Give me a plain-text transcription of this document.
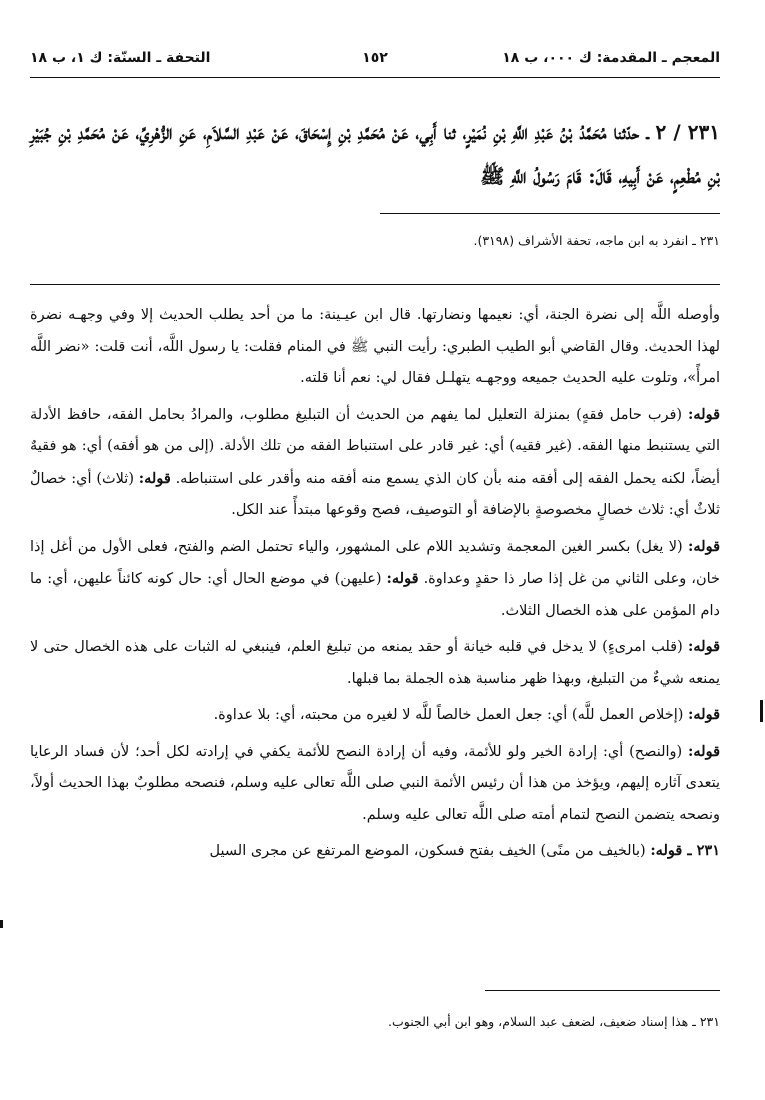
المعجم ـ المقدمة: ك ٠٠٠، ب ١٨
١٥٢
التحفة ـ السنّة: ك ١، ب ١٨
٢٣١ / ٢ ـ حدّثنا مُحَمَّدُ بْنُ عَبْدِ اللَّهِ بْنِ نُمَيْرٍ، ثنا أَبِي، عَنْ مُحَمَّدِ بْنِ إِسْحَاقَ، عَنْ عَبْدِ السَّلاَمِ، عَنِ الزُّهْرِيِّ، عَنْ مُحَمَّدِ بْنِ جُبَيْرِ بْنِ مُطْعِمٍ، عَنْ أَبِيهِ، قَالَ: قَامَ رَسُولُ اللَّهِ ﷺ
٢٣١ ـ انفرد به ابن ماجه، تحفة الأشراف (٣١٩٨).

وأوصله اللَّه إلى نضرة الجنة، أي: نعيمها ونضارتها. قال ابن عيـينة: ما من أحد يطلب الحديث إلا وفي وجهـه نضرة لهذا الحديث. وقال القاضي أبو الطيب الطبري: رأيت النبي ﷺ في المنام فقلت: يا رسول اللَّه، أنت قلت: «نضر اللَّه امرأً»، وتلوت عليه الحديث جميعه ووجهـه يتهلـل فقال لي: نعم أنا قلته.

قوله: (فرب حامل فقهٍ) بمنزلة التعليل لما يفهم من الحديث أن التبليغ مطلوب، والمرادُ بحامل الفقه، حافظ الأدلة التي يستنبط منها الفقه. (غير فقيه) أي: غير قادر على استنباط الفقه من تلك الأدلة. (إلى من هو أفقه) أي: هو فقيهٌ أيضاً، لكنه يحمل الفقه إلى أفقه منه بأن كان الذي يسمع منه أفقه منه وأقدر على استنباطه. قوله: (ثلاث) أي: خصالٌ ثلاثٌ أي: ثلاث خصالٍ مخصوصةٍ بالإضافة أو التوصيف، فصح وقوعها مبتدأً عند الكل.

قوله: (لا يغل) بكسر الغين المعجمة وتشديد اللام على المشهور، والياء تحتمل الضم والفتح، فعلى الأول من أغل إذا خان، وعلى الثاني من غل إذا صار ذا حقدٍ وعداوة. قوله: (عليهن) في موضع الحال أي: حال كونه كائناً عليهن، أي: ما دام المؤمن على هذه الخصال الثلاث.

قوله: (قلب امرىءٍ) لا يدخل في قلبه خيانة أو حقد يمنعه من تبليغ العلم، فينبغي له الثبات على هذه الخصال حتى لا يمنعه شيءٌ من التبليغ، وبهذا ظهر مناسبة هذه الجملة بما قبلها.

قوله: (إخلاص العمل للَّه) أي: جعل العمل خالصاً للَّه لا لغيره من محبته، أي: بلا عداوة.

قوله: (والنصح) أي: إرادة الخير ولو للأئمة، وفيه أن إرادة النصح للأئمة يكفي في إرادته لكل أحد؛ لأن فساد الرعايا يتعدى آثاره إليهم، ويؤخذ من هذا أن رئيس الأئمة النبي صلى اللَّه تعالى عليه وسلم، فنصحه مطلوبٌ بهذا الحديث أولاً، ونصحه يتضمن النصح لتمام أمته صلى اللَّه تعالى عليه وسلم.

٢٣١ ـ قوله: (بالخيف من منًى) الخيف بفتح فسكون، الموضع المرتفع عن مجرى السيل

٢٣١ ـ هذا إسناد ضعيف، لضعف عبد السلام، وهو ابن أبي الجنوب.
